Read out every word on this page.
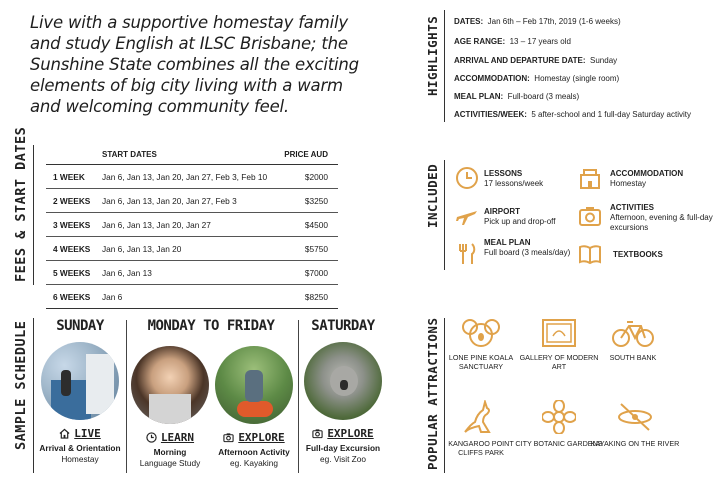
Live with a supportive homestay family and study English at ILSC Brisbane; the Sunshine State combines all the exciting elements of big city living with a warm and welcoming community feel.

FEES & START DATES
		START DATES	PRICE AUD
1 WEEK	Jan 6, Jan 13, Jan 20, Jan 27, Feb 3, Feb 10	$2000
2 WEEKS	Jan 6, Jan 13, Jan 20, Jan 27, Feb 3	$3250
3 WEEKS	Jan 6, Jan 13, Jan 20, Jan 27	$4500
4 WEEKS	Jan 6, Jan 13, Jan 20	$5750
5 WEEKS	Jan 6, Jan 13	$7000
6 WEEKS	Jan 6	$8250
SAMPLE SCHEDULE	SUNDAY
LIVE
Arrival & Orientation
Homestay
MONDAY TO FRIDAY
LEARN
Morning
Language Study
EXPLORE
Afternoon Activity
eg. Kayaking
SATURDAY
EXPLORE
Full-day Excursion
eg. Visit Zoo
HIGHLIGHTS DATES: Jan 6th – Feb 17th, 2019 (1-6 weeks)
AGE RANGE: 13 – 17 years old
ARRIVAL AND DEPARTURE DATE: Sunday
ACCOMMODATION: Homestay (single room)
MEAL PLAN: Full-board (3 meals)
ACTIVITIES/WEEK: 5 after-school and 1 full-day Saturday activity
INCLUDED	LESSONS
17 lessons/week
ACCOMMODATION
Homestay
AIRPORT
Pick up and drop-off
ACTIVITIES
Afternoon, evening & full-day excursions
MEAL PLAN
Full board (3 meals/day)	TEXTBOOKS
POPULAR ATTRACTIONS	LONE PINE KOALA SANCTUARY
GALLERY OF MODERN ART
SOUTH BANK
KANGAROO POINT CLIFFS PARK
CITY BOTANIC GARDENS
KAYAKING ON THE RIVER
